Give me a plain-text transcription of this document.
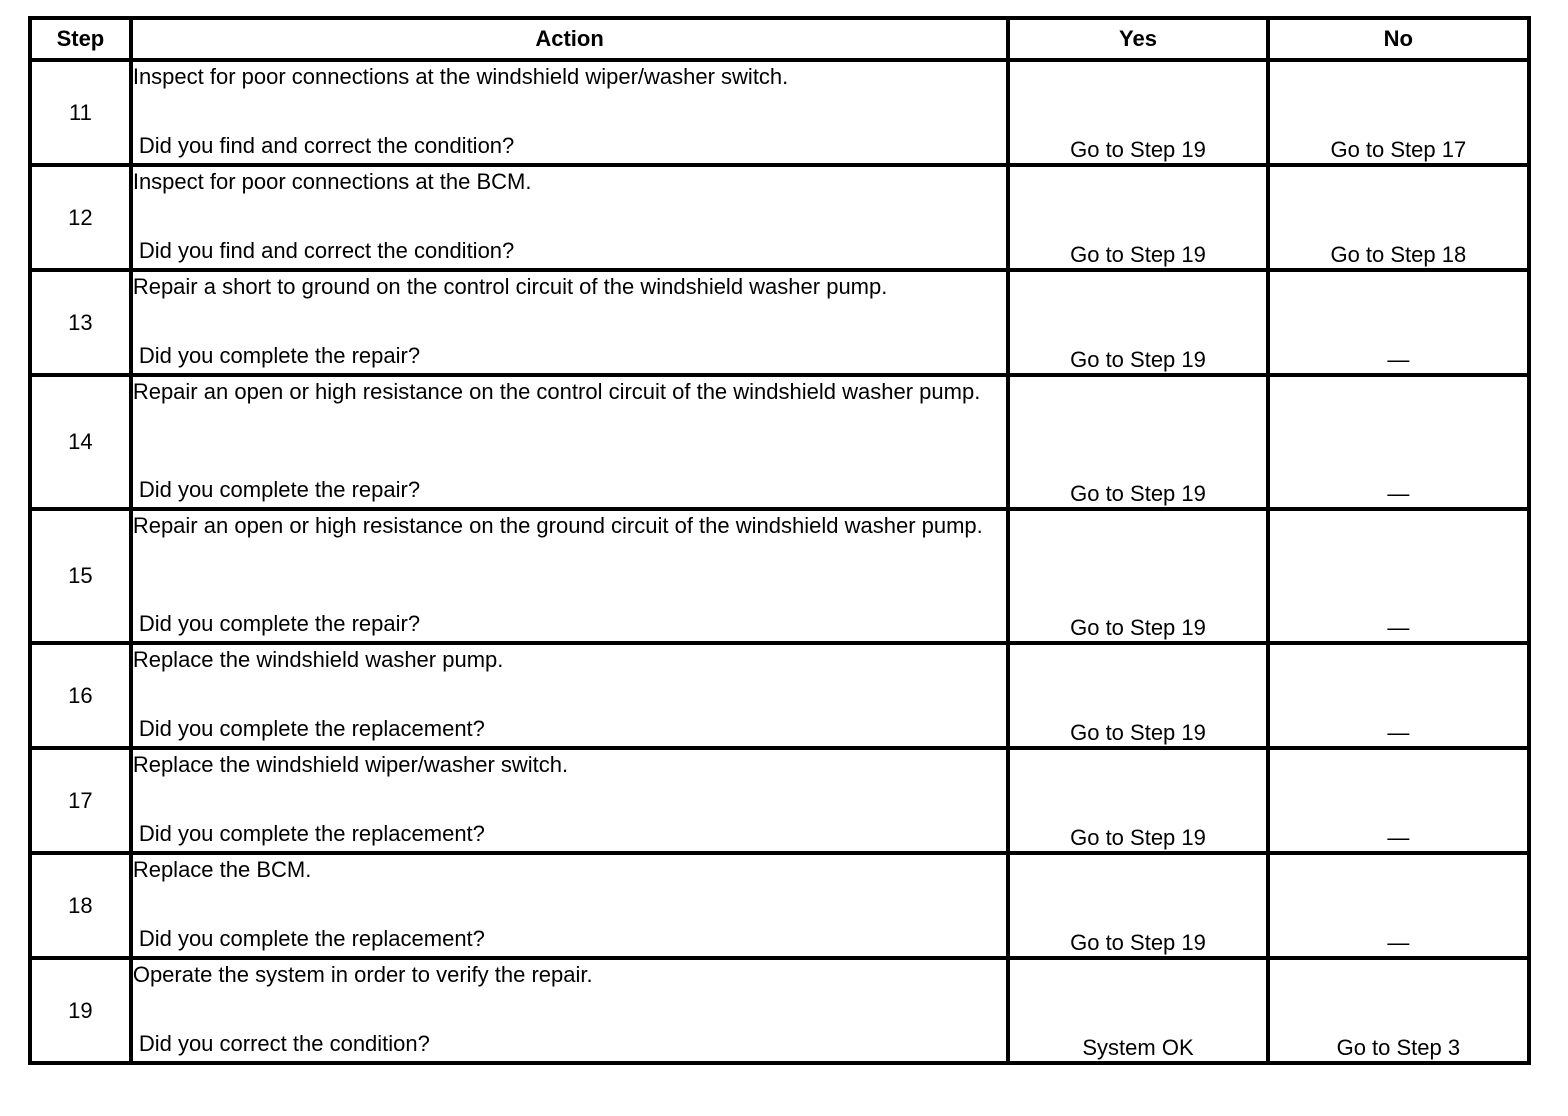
Step	Action	Yes	No
11	Inspect for poor connections at the windshield wiper/washer switch.
Did you find and correct the condition?	Go to Step 19	Go to Step 17
12	Inspect for poor connections at the BCM.
Did you find and correct the condition?	Go to Step 19	Go to Step 18
13	Repair a short to ground on the control circuit of the windshield washer pump.
Did you complete the repair?	Go to Step 19	—
14	Repair an open or high resistance on the control circuit of the windshield washer pump.
Did you complete the repair?	Go to Step 19	—
15	Repair an open or high resistance on the ground circuit of the windshield washer pump.
Did you complete the repair?	Go to Step 19	—
16	Replace the windshield washer pump.
Did you complete the replacement?	Go to Step 19	—
17	Replace the windshield wiper/washer switch.
Did you complete the replacement?	Go to Step 19	—
18	Replace the BCM.
Did you complete the replacement?	Go to Step 19	—
19	Operate the system in order to verify the repair.
Did you correct the condition?	System OK	Go to Step 3
